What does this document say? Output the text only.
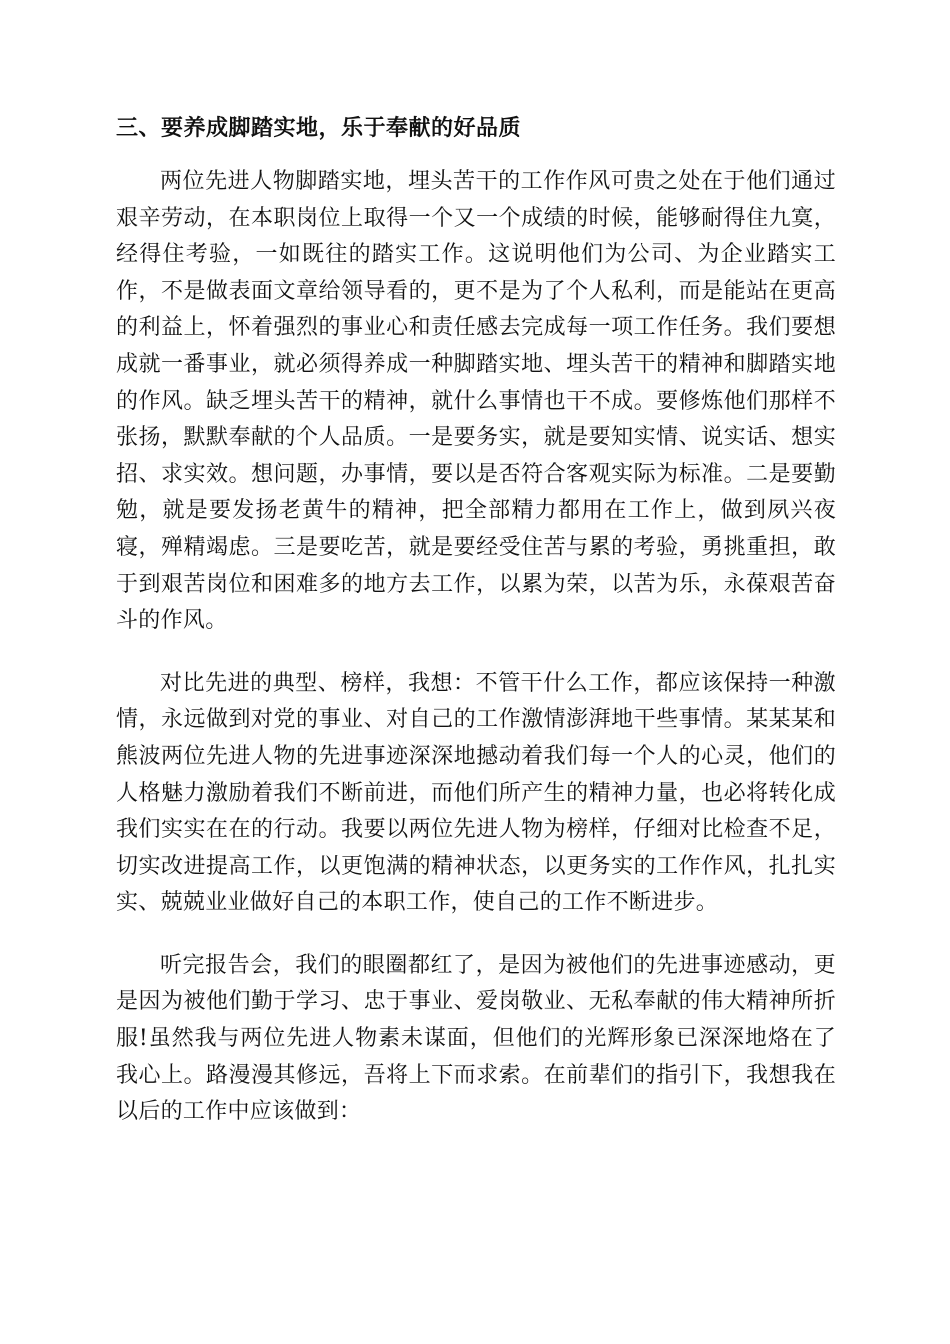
三、要养成脚踏实地，乐于奉献的好品质

两位先进人物脚踏实地，埋头苦干的工作作风可贵之处在于他们通过艰辛劳动，在本职岗位上取得一个又一个成绩的时候，能够耐得住九寞，经得住考验，一如既往的踏实工作。这说明他们为公司、为企业踏实工作，不是做表面文章给领导看的，更不是为了个人私利，而是能站在更高的利益上，怀着强烈的事业心和责任感去完成每一项工作任务。我们要想成就一番事业，就必须得养成一种脚踏实地、埋头苦干的精神和脚踏实地的作风。缺乏埋头苦干的精神，就什么事情也干不成。要修炼他们那样不张扬，默默奉献的个人品质。一是要务实，就是要知实情、说实话、想实招、求实效。想问题，办事情，要以是否符合客观实际为标准。二是要勤勉，就是要发扬老黄牛的精神，把全部精力都用在工作上，做到夙兴夜寝，殚精竭虑。三是要吃苦，就是要经受住苦与累的考验，勇挑重担，敢于到艰苦岗位和困难多的地方去工作，以累为荣，以苦为乐，永葆艰苦奋斗的作风。

对比先进的典型、榜样，我想：不管干什么工作，都应该保持一种激情，永远做到对党的事业、对自己的工作激情澎湃地干些事情。某某某和熊波两位先进人物的先进事迹深深地撼动着我们每一个人的心灵，他们的人格魅力激励着我们不断前进，而他们所产生的精神力量，也必将转化成我们实实在在的行动。我要以两位先进人物为榜样，仔细对比检查不足，切实改进提高工作，以更饱满的精神状态，以更务实的工作作风，扎扎实实、兢兢业业做好自己的本职工作，使自己的工作不断进步。

听完报告会，我们的眼圈都红了，是因为被他们的先进事迹感动，更是因为被他们勤于学习、忠于事业、爱岗敬业、无私奉献的伟大精神所折服!虽然我与两位先进人物素未谋面，但他们的光辉形象已深深地烙在了我心上。路漫漫其修远，吾将上下而求索。在前辈们的指引下，我想我在以后的工作中应该做到：
